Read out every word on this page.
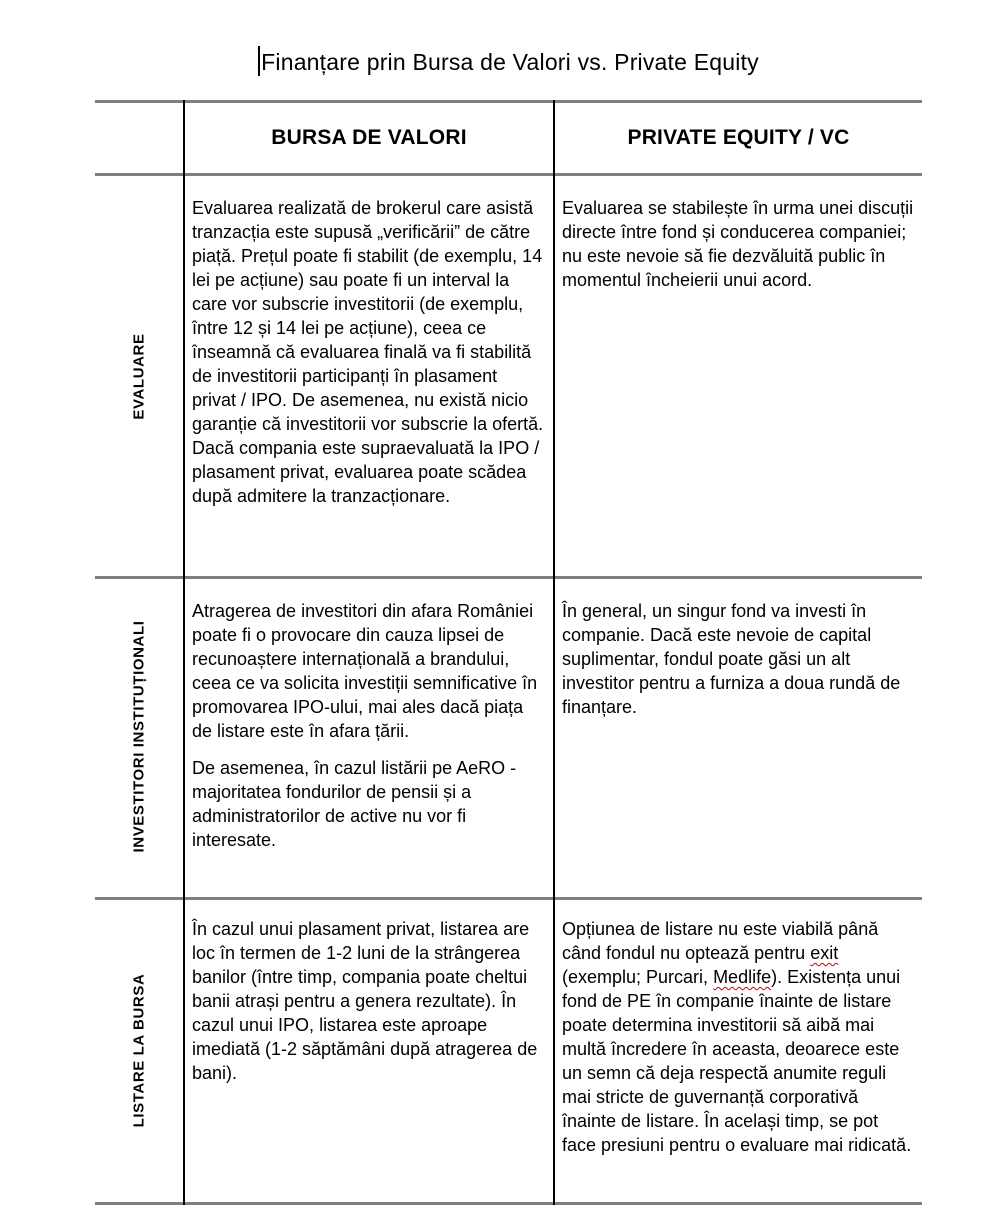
Finanțare prin Bursa de Valori vs. Private Equity
BURSA DE VALORI	PRIVATE EQUITY / VC
EVALUARE

Evaluarea realizată de brokerul care asistă tranzacția este supusă „verificării” de către piață. Prețul poate fi stabilit (de exemplu, 14 lei pe acțiune) sau poate fi un interval la care vor subscrie investitorii (de exemplu, între 12 și 14 lei pe acțiune), ceea ce înseamnă că evaluarea finală va fi stabilită de investitorii participanți în plasament privat / IPO. De asemenea, nu există nicio garanție că investitorii vor subscrie la ofertă. Dacă compania este supraevaluată la IPO / plasament privat, evaluarea poate scădea după admitere la tranzacționare.

Evaluarea se stabilește în urma unei discuții directe între fond și conducerea companiei; nu este nevoie să fie dezvăluită public în momentul încheierii unui acord.

INVESTITORI INSTITUȚIONALI

Atragerea de investitori din afara României poate fi o provocare din cauza lipsei de recunoaștere internațională a brandului, ceea ce va solicita investiții semnificative în promovarea IPO-ului, mai ales dacă piața de listare este în afara țării.

De asemenea, în cazul listării pe AeRO - majoritatea fondurilor de pensii și a administratorilor de active nu vor fi interesate.

În general, un singur fond va investi în companie. Dacă este nevoie de capital suplimentar, fondul poate găsi un alt investitor pentru a furniza a doua rundă de finanțare.

LISTARE LA BURSA

În cazul unui plasament privat, listarea are loc în termen de 1-2 luni de la strângerea banilor (între timp, compania poate cheltui banii atrași pentru a genera rezultate). În cazul unui IPO, listarea este aproape imediată (1-2 săptămâni după atragerea de bani).

Opțiunea de listare nu este viabilă până când fondul nu optează pentru exit (exemplu; Purcari, Medlife). Existența unui fond de PE în companie înainte de listare poate determina investitorii să aibă mai multă încredere în aceasta, deoarece este un semn că deja respectă anumite reguli mai stricte de guvernanță corporativă înainte de listare. În același timp, se pot face presiuni pentru o evaluare mai ridicată.
